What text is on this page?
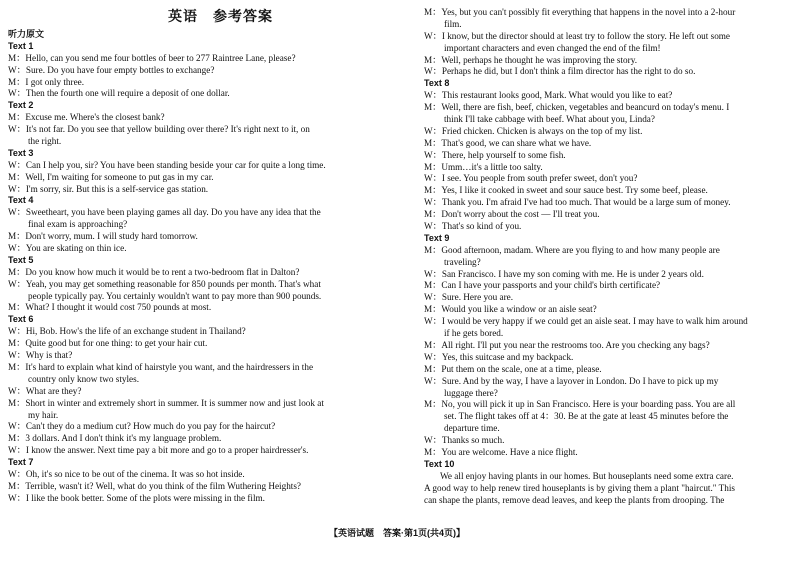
英语　参考答案
听力原文
Text 1
M：Hello, can you send me four bottles of beer to 277 Raintree Lane, please?
W：Sure. Do you have four empty bottles to exchange?
M：I got only three.
W：Then the fourth one will require a deposit of one dollar.
Text 2
M：Excuse me. Where's the closest bank?
W：It's not far. Do you see that yellow building over there? It's right next to it, on
the right.
Text 3
W：Can I help you, sir? You have been standing beside your car for quite a long time.
M：Well, I'm waiting for someone to put gas in my car.
W：I'm sorry, sir. But this is a self-service gas station.
Text 4
W：Sweetheart, you have been playing games all day. Do you have any idea that the
final exam is approaching?
M：Don't worry, mum. I will study hard tomorrow.
W：You are skating on thin ice.
Text 5
M：Do you know how much it would be to rent a two-bedroom flat in Dalton?
W：Yeah, you may get something reasonable for 850 pounds per month. That's what
people typically pay. You certainly wouldn't want to pay more than 900 pounds.
M：What? I thought it would cost 750 pounds at most.
Text 6
W：Hi, Bob. How's the life of an exchange student in Thailand?
M：Quite good but for one thing: to get your hair cut.
W：Why is that?
M：It's hard to explain what kind of hairstyle you want, and the hairdressers in the
country only know two styles.
W：What are they?
M：Short in winter and extremely short in summer. It is summer now and just look at
my hair.
W：Can't they do a medium cut? How much do you pay for the haircut?
M：3 dollars. And I don't think it's my language problem.
W：I know the answer. Next time pay a bit more and go to a proper hairdresser's.
Text 7
W：Oh, it's so nice to be out of the cinema. It was so hot inside.
M：Terrible, wasn't it? Well, what do you think of the film Wuthering Heights?
W：I like the book better. Some of the plots were missing in the film.
M：Yes, but you can't possibly fit everything that happens in the novel into a 2-hour
film.
W：I know, but the director should at least try to follow the story. He left out some
important characters and even changed the end of the film!
M：Well, perhaps he thought he was improving the story.
W：Perhaps he did, but I don't think a film director has the right to do so.
Text 8
W：This restaurant looks good, Mark. What would you like to eat?
M：Well, there are fish, beef, chicken, vegetables and beancurd on today's menu. I
think I'll take cabbage with beef. What about you, Linda?
W：Fried chicken. Chicken is always on the top of my list.
M：That's good, we can share what we have.
W：There, help yourself to some fish.
M：Umm…it's a little too salty.
W：I see. You people from south prefer sweet, don't you?
M：Yes, I like it cooked in sweet and sour sauce best. Try some beef, please.
W：Thank you. I'm afraid I've had too much. That would be a large sum of money.
M：Don't worry about the cost — I'll treat you.
W：That's so kind of you.
Text 9
M：Good afternoon, madam. Where are you flying to and how many people are
traveling?
W：San Francisco. I have my son coming with me. He is under 2 years old.
M：Can I have your passports and your child's birth certificate?
W：Sure. Here you are.
M：Would you like a window or an aisle seat?
W：I would be very happy if we could get an aisle seat. I may have to walk him around
if he gets bored.
M：All right. I'll put you near the restrooms too. Are you checking any bags?
W：Yes, this suitcase and my backpack.
M：Put them on the scale, one at a time, please.
W：Sure. And by the way, I have a layover in London. Do I have to pick up my
luggage there?
M：No, you will pick it up in San Francisco. Here is your boarding pass. You are all
set. The flight takes off at 4：30. Be at the gate at least 45 minutes before the
departure time.
W：Thanks so much.
M：You are welcome. Have a nice flight.
Text 10
We all enjoy having plants in our homes. But houseplants need some extra care.
A good way to help renew tired houseplants is by giving them a plant "haircut." This
can shape the plants, remove dead leaves, and keep the plants from drooping. The
【英语试题　答案·第1页(共4页)】
